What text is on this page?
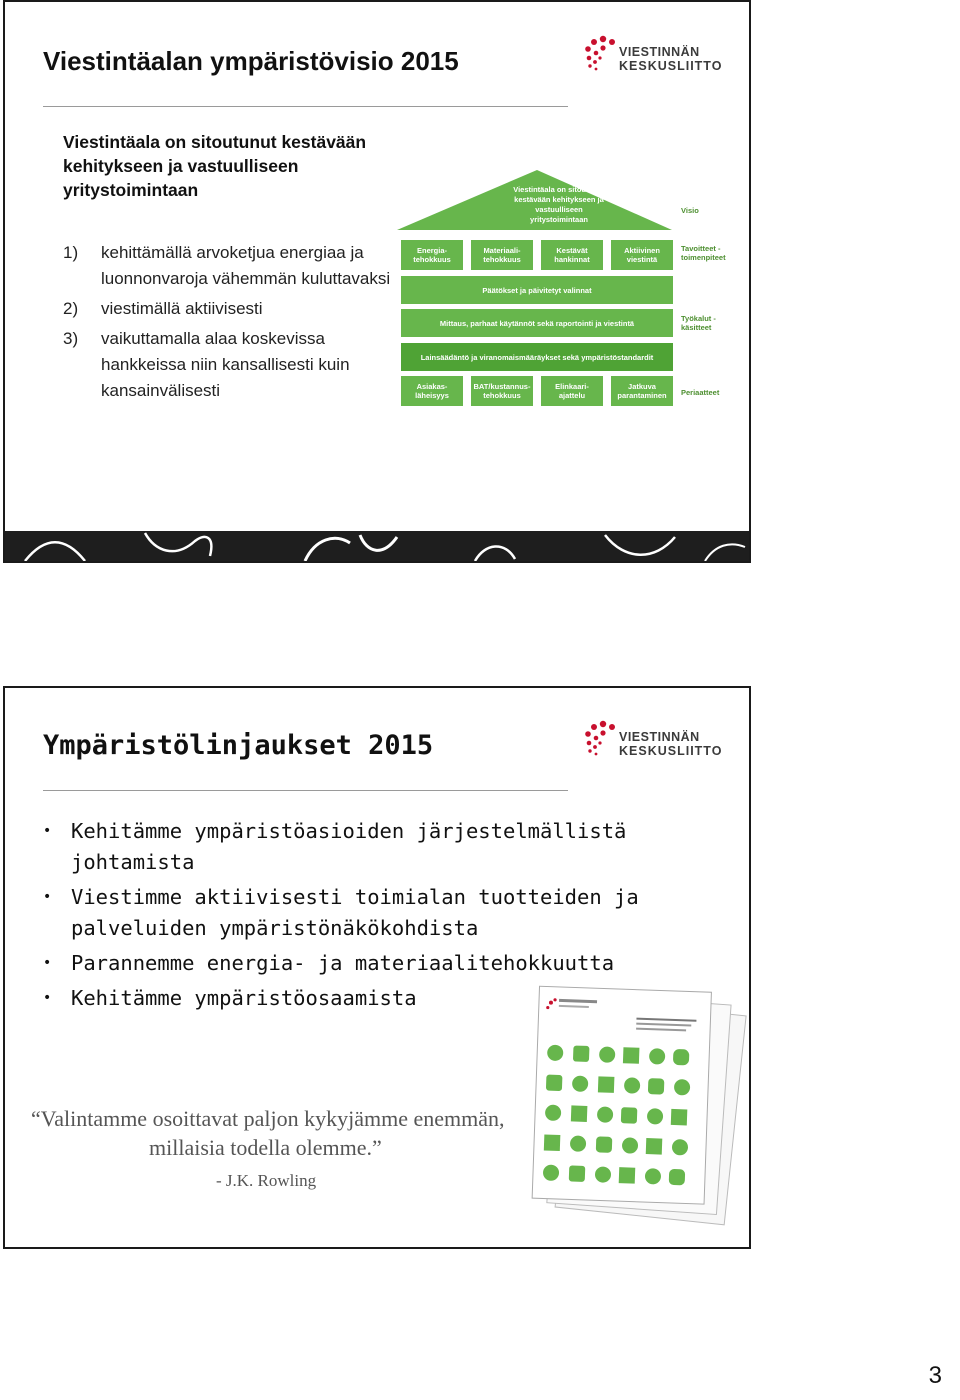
Viestintäalan ympäristövisio 2015	VIESTINNÄN
KESKUSLIITTO
Viestintäala on sitoutunut kestävään kehitykseen ja vastuulliseen yritystoimintaan
1) kehittämällä arvoketjua energiaa ja luonnonvaroja vähemmän kuluttavaksi
2) viestimällä aktiivisesti
3) vaikuttamalla alaa koskevissa hankkeissa niin kansallisesti kuin kansainvälisesti
Viestintäala on sitoutunut kestävään kehitykseen ja vastuulliseen yritystoimintaan
Visio
Energia-tehokkuus
Materiaali-tehokkuus
Kestävät hankinnat
Aktiivinen viestintä
Tavoitteet - toimenpiteet
Päätökset ja päivitetyt valinnat
Mittaus, parhaat käytännöt sekä raportointi ja viestintä	Työkalut - käsitteet
Lainsäädäntö ja viranomaismääräykset sekä ympäristöstandardit
Asiakas-läheisyys
BAT/kustannus-tehokkuus
Elinkaari-ajattelu
Jatkuva parantaminen	Periaatteet
Ympäristölinjaukset 2015	VIESTINNÄN
KESKUSLIITTO
• Kehitämme ympäristöasioiden järjestelmällistä johtamista
• Viestimme aktiivisesti toimialan tuotteiden ja palveluiden ympäristönäkökohdista
• Parannemme energia- ja materiaalitehokkuutta
• Kehitämme ympäristöosaamista
“Valintamme osoittavat paljon kykyjämme enemmän,
millaisia todella olemme.”
- J.K. Rowling
3
